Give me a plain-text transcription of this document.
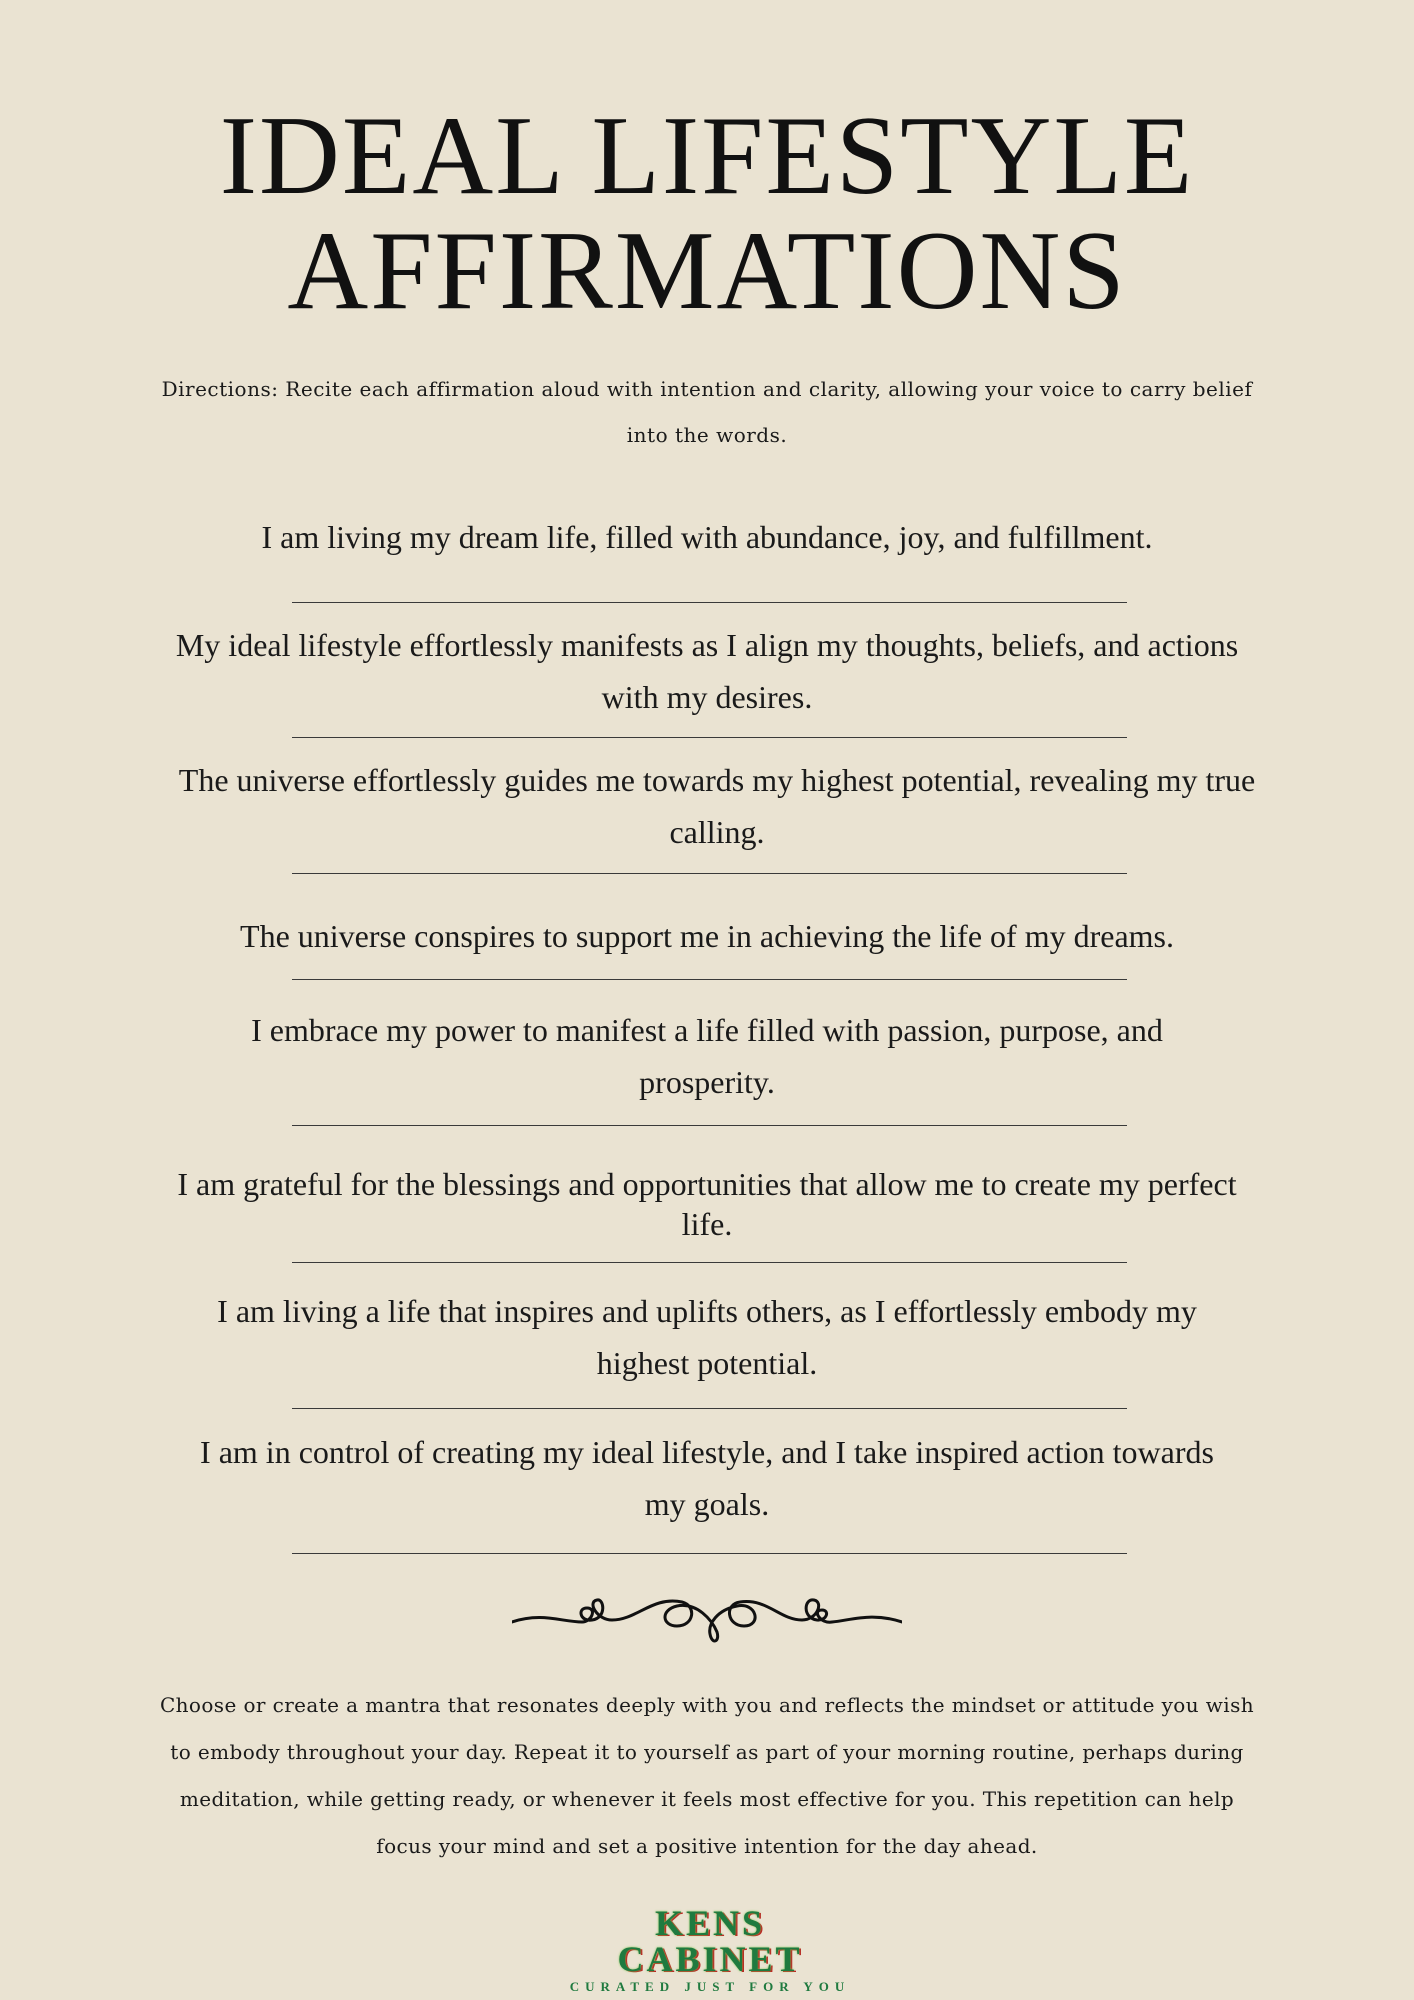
IDEAL LIFESTYLE
AFFIRMATIONS
Directions: Recite each affirmation aloud with intention and clarity, allowing your voice to carry belief into the words.
I am living my dream life, filled with abundance, joy, and fulfillment.
My ideal lifestyle effortlessly manifests as I align my thoughts, beliefs, and actions with my desires.
The universe effortlessly guides me towards my highest potential, revealing my true calling.
The universe conspires to support me in achieving the life of my dreams.
I embrace my power to manifest a life filled with passion, purpose, and prosperity.
I am grateful for the blessings and opportunities that allow me to create my perfect life.
I am living a life that inspires and uplifts others, as I effortlessly embody my highest potential.
I am in control of creating my ideal lifestyle, and I take inspired action towards my goals.
Choose or create a mantra that resonates deeply with you and reflects the mindset or attitude you wish to embody throughout your day. Repeat it to yourself as part of your morning routine, perhaps during meditation, while getting ready, or whenever it feels most effective for you. This repetition can help focus your mind and set a positive intention for the day ahead.
KENS CABINET
CURATED JUST FOR YOU
